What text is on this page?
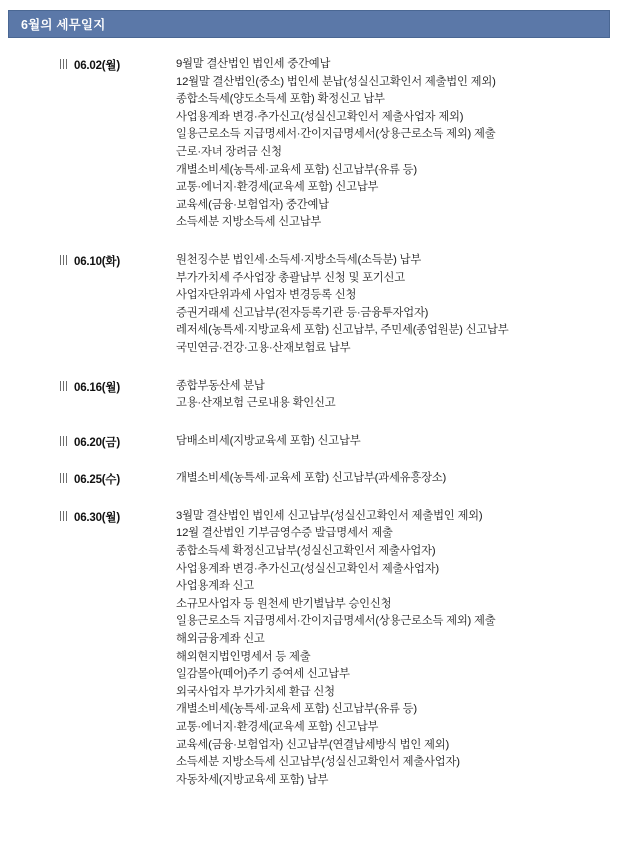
6월의 세무일지
06.02(월)	9월말 결산법인 법인세 중간예납
12월말 결산법인(중소) 법인세 분납(성실신고확인서 제출법인 제외)
종합소득세(양도소득세 포함) 확정신고 납부
사업용계좌 변경·추가신고(성실신고확인서 제출사업자 제외)
일용근로소득 지급명세서·간이지급명세서(상용근로소득 제외) 제출
근로·자녀 장려금 신청
개별소비세(농특세·교육세 포함) 신고납부(유류 등)
교통·에너지·환경세(교육세 포함) 신고납부
교육세(금융·보험업자) 중간예납
소득세분 지방소득세 신고납부
06.10(화)	원천징수분 법인세·소득세·지방소득세(소득분) 납부
부가가치세 주사업장 총괄납부 신청 및 포기신고
사업자단위과세 사업자 변경등록 신청
증권거래세 신고납부(전자등록기관 등·금융투자업자)
레저세(농특세·지방교육세 포함) 신고납부, 주민세(종업원분) 신고납부
국민연금·건강·고용·산재보험료 납부
06.16(월)	종합부동산세 분납
고용·산재보험 근로내용 확인신고
06.20(금)	담배소비세(지방교육세 포함) 신고납부
06.25(수)	개별소비세(농특세·교육세 포함) 신고납부(과세유흥장소)
06.30(월)	3월말 결산법인 법인세 신고납부(성실신고확인서 제출법인 제외)
12월 결산법인 기부금영수증 발급명세서 제출
종합소득세 확정신고납부(성실신고확인서 제출사업자)
사업용계좌 변경·추가신고(성실신고확인서 제출사업자)
사업용계좌 신고
소규모사업자 등 원천세 반기별납부 승인신청
일용근로소득 지급명세서·간이지급명세서(상용근로소득 제외) 제출
해외금융계좌 신고
해외현지법인명세서 등 제출
일감몰아(떼어)주기 증여세 신고납부
외국사업자 부가가치세 환급 신청
개별소비세(농특세·교육세 포함) 신고납부(유류 등)
교통·에너지·환경세(교육세 포함) 신고납부
교육세(금융·보험업자) 신고납부(연결납세방식 법인 제외)
소득세분 지방소득세 신고납부(성실신고확인서 제출사업자)
자동차세(지방교육세 포함) 납부
